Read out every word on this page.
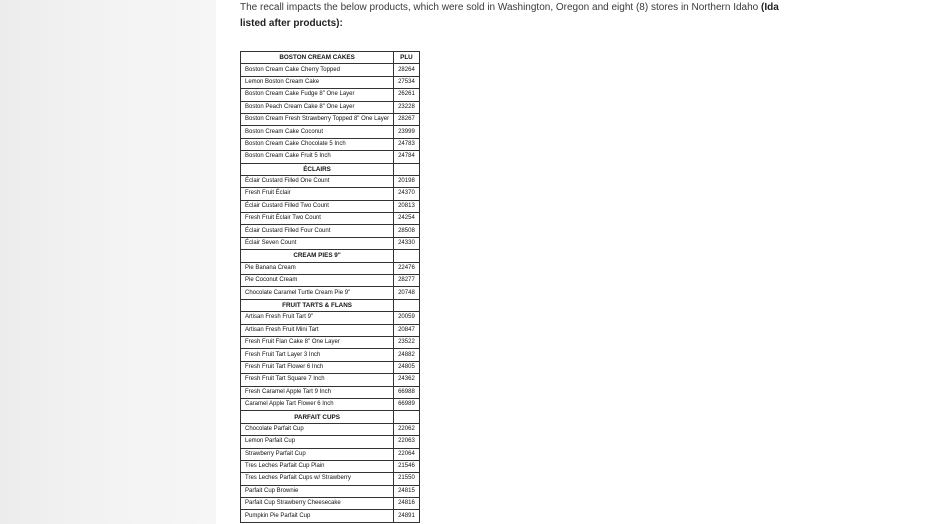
The recall impacts the below products, which were sold in Washington, Oregon and eight (8) stores in Northern Idaho (Ida
listed after products):
BOSTON CREAM CAKES	PLU
Boston Cream Cake Cherry Topped	28264
Lemon Boston Cream Cake	27534
Boston Cream Cake Fudge 8" One Layer	26261
Boston Peach Cream Cake 8" One Layer	23228
Boston Cream Fresh Strawberry Topped 8" One Layer	28267
Boston Cream Cake Coconut	23999
Boston Cream Cake Chocolate 5 Inch	24783
Boston Cream Cake Fruit 5 Inch	24784
ÉCLAIRS	
Éclair Custard Filled One Count	20198
Fresh Fruit Éclair	24370
Éclair Custard Filled Two Count	20813
Fresh Fruit Éclair Two Count	24254
Éclair Custard Filled Four Count	28508
Éclair Seven Count	24330
CREAM PIES 9"	
Pie Banana Cream	22476
Pie Coconut Cream	28277
Chocolate Caramel Turtle Cream Pie 9"	20748
FRUIT TARTS & FLANS	
Artisan Fresh Fruit Tart 9"	20059
Artisan Fresh Fruit Mini Tart	20847
Fresh Fruit Flan Cake 8" One Layer	23522
Fresh Fruit Tart Layer 3 Inch	24882
Fresh Fruit Tart Flower 6 Inch	24805
Fresh Fruit Tart Square 7 Inch	24362
Fresh Caramel Apple Tart 9 Inch	66988
Caramel Apple Tart Flower 6 Inch	66989
PARFAIT CUPS	
Chocolate Parfait Cup	22062
Lemon Parfait Cup	22063
Strawberry Parfait Cup	22064
Tres Leches Parfait Cup Plain	21546
Tres Leches Parfait Cups w/ Strawberry	21550
Parfait Cup Brownie	24815
Parfait Cup Strawberry Cheesecake	24816
Pumpkin Pie Parfait Cup	24891
